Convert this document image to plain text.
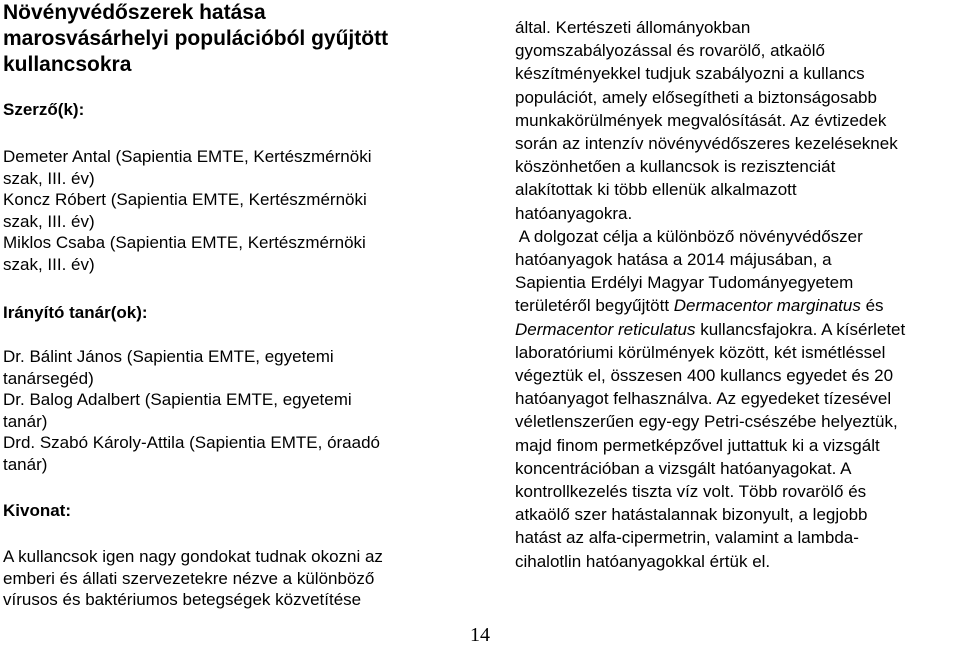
Növényvédőszerek hatása
marosvásárhelyi populációból gyűjtött
kullancsokra

Szerző(k):

Demeter Antal (Sapientia EMTE, Kertészmérnöki
szak, III. év)
Koncz Róbert (Sapientia EMTE, Kertészmérnöki
szak, III. év)
Miklos Csaba (Sapientia EMTE, Kertészmérnöki
szak, III. év)

Irányító tanár(ok):

Dr. Bálint János (Sapientia EMTE, egyetemi
tanársegéd)
Dr. Balog Adalbert (Sapientia EMTE, egyetemi
tanár)
Drd. Szabó Károly-Attila (Sapientia EMTE, óraadó
tanár)

Kivonat:

A kullancsok igen nagy gondokat tudnak okozni az
emberi és állati szervezetekre nézve a különböző
vírusos és baktériumos betegségek közvetítése
által. Kertészeti állományokban
gyomszabályozással és rovarölő, atkaölő
készítményekkel tudjuk szabályozni a kullancs
populációt, amely elősegítheti a biztonságosabb
munkakörülmények megvalósítását. Az évtizedek
során az intenzív növényvédőszeres kezeléseknek
köszönhetően a kullancsok is rezisztenciát
alakítottak ki több ellenük alkalmazott
hatóanyagokra.
A dolgozat célja a különböző növényvédőszer
hatóanyagok hatása a 2014 májusában, a
Sapientia Erdélyi Magyar Tudományegyetem
területéről begyűjtött Dermacentor marginatus és
Dermacentor reticulatus kullancsfajokra. A kísérletet
laboratóriumi körülmények között, két ismétléssel
végeztük el, összesen 400 kullancs egyedet és 20
hatóanyagot felhasználva. Az egyedeket tízesével
véletlenszerűen egy-egy Petri-csészébe helyeztük,
majd finom permetképzővel juttattuk ki a vizsgált
koncentrációban a vizsgált hatóanyagokat. A
kontrollkezelés tiszta víz volt. Több rovarölő és
atkaölő szer hatástalannak bizonyult, a legjobb
hatást az alfa-cipermetrin, valamint a lambda-
cihalotlin hatóanyagokkal értük el.
14
